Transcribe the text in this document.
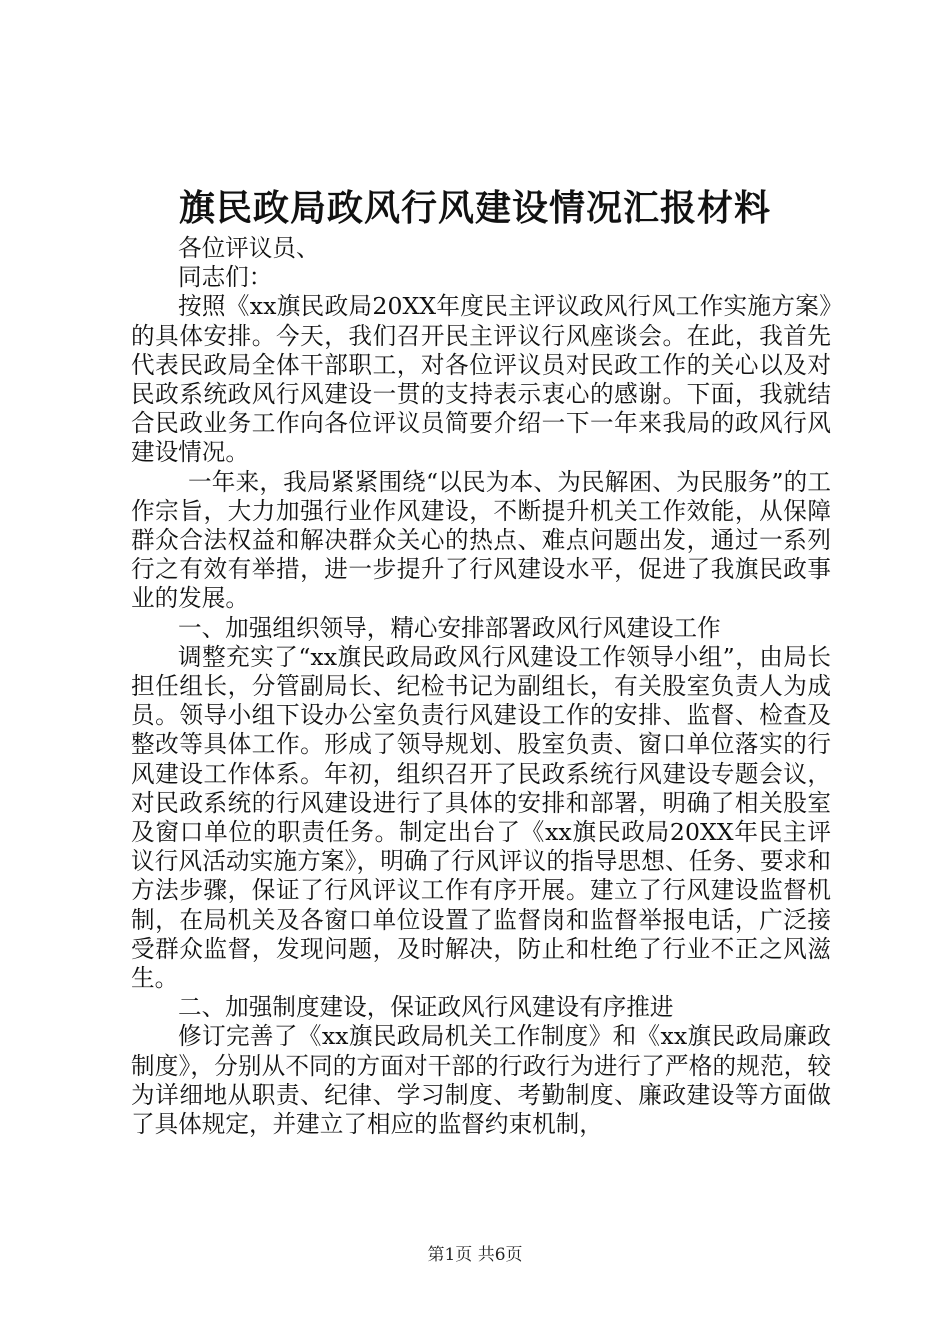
旗民政局政风行风建设情况汇报材料

各位评议员、

同志们：

按照《xx旗民政局20XX年度民主评议政风行风工作实施方案》的具体安排。今天，我们召开民主评议行风座谈会。在此，我首先代表民政局全体干部职工，对各位评议员对民政工作的关心以及对民政系统政风行风建设一贯的支持表示衷心的感谢。下面，我就结合民政业务工作向各位评议员简要介绍一下一年来我局的政风行风建设情况。

一年来，我局紧紧围绕“以民为本、为民解困、为民服务”的工作宗旨，大力加强行业作风建设，不断提升机关工作效能，从保障群众合法权益和解决群众关心的热点、难点问题出发，通过一系列行之有效有举措，进一步提升了行风建设水平，促进了我旗民政事业的发展。

一、加强组织领导，精心安排部署政风行风建设工作

调整充实了“xx旗民政局政风行风建设工作领导小组”，由局长担任组长，分管副局长、纪检书记为副组长，有关股室负责人为成员。领导小组下设办公室负责行风建设工作的安排、监督、检查及整改等具体工作。形成了领导规划、股室负责、窗口单位落实的行风建设工作体系。年初，组织召开了民政系统行风建设专题会议，对民政系统的行风建设进行了具体的安排和部署，明确了相关股室及窗口单位的职责任务。制定出台了《xx旗民政局20XX年民主评议行风活动实施方案》，明确了行风评议的指导思想、任务、要求和方法步骤，保证了行风评议工作有序开展。建立了行风建设监督机制，在局机关及各窗口单位设置了监督岗和监督举报电话，广泛接受群众监督，发现问题，及时解决，防止和杜绝了行业不正之风滋生。

二、加强制度建设，保证政风行风建设有序推进

修订完善了《xx旗民政局机关工作制度》和《xx旗民政局廉政制度》，分别从不同的方面对干部的行政行为进行了严格的规范，较为详细地从职责、纪律、学习制度、考勤制度、廉政建设等方面做了具体规定，并建立了相应的监督约束机制，

第1页 共6页
